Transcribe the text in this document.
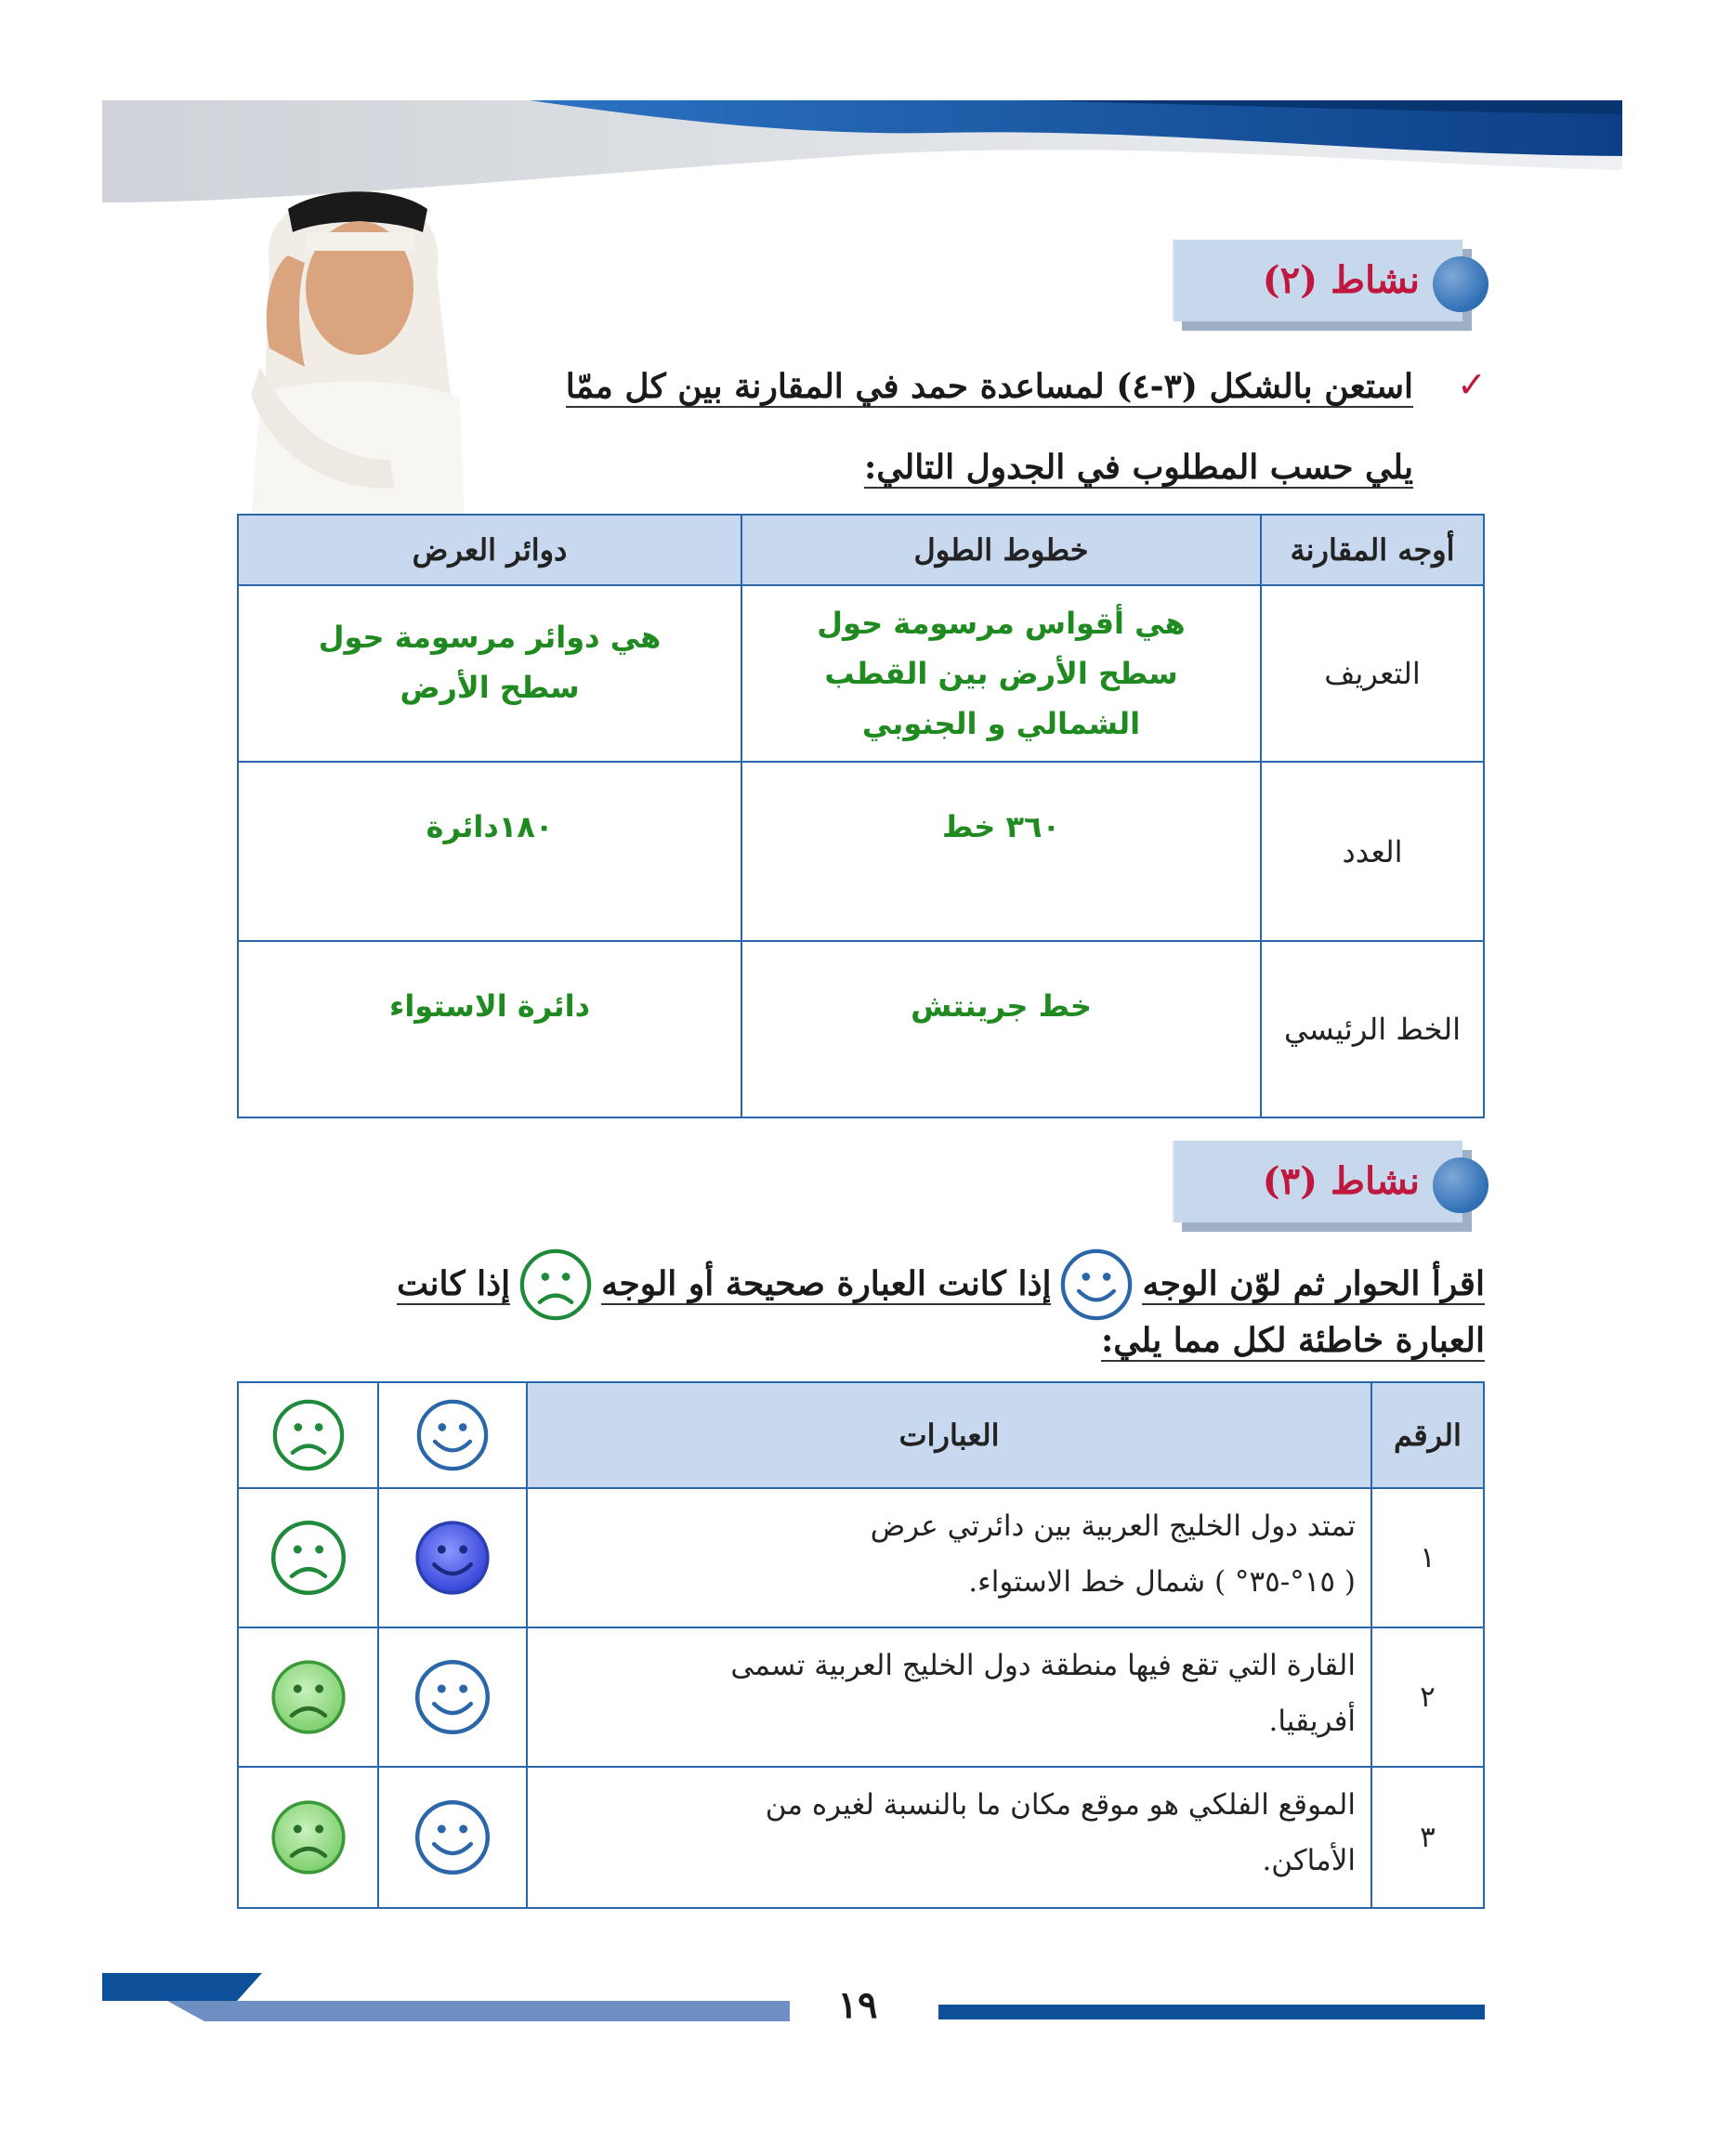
نشاط (٢)
✓
استعن بالشكل (٣-٤) لمساعدة حمد في المقارنة بين كل ممّا
يلي حسب المطلوب في الجدول التالي:
أوجه المقارنة	خطوط الطول	دوائر العرض
التعريف	هي أقواس مرسومة حول سطح الأرض بين القطب الشمالي و الجنوبي	هي دوائر مرسومة حول سطح الأرض
العدد	٣٦٠ خط	١٨٠دائرة
الخط الرئيسي	خط جرينتش	دائرة الاستواء
نشاط (٣)
اقرأ الحوار ثم لوّن الوجه
إذا كانت العبارة صحيحة أو الوجه
إذا كانت
العبارة خاطئة لكل مما يلي:
الرقم	العبارات	

١	تمتد دول الخليج العربية بين دائرتي عرض
( ١٥°-٣٥° ) شمال خط الاستواء.

٢	القارة التي تقع فيها منطقة دول الخليج العربية تسمى
أفريقيا.

٣	الموقع الفلكي هو موقع مكان ما بالنسبة لغيره من
الأماكن.

١٩
